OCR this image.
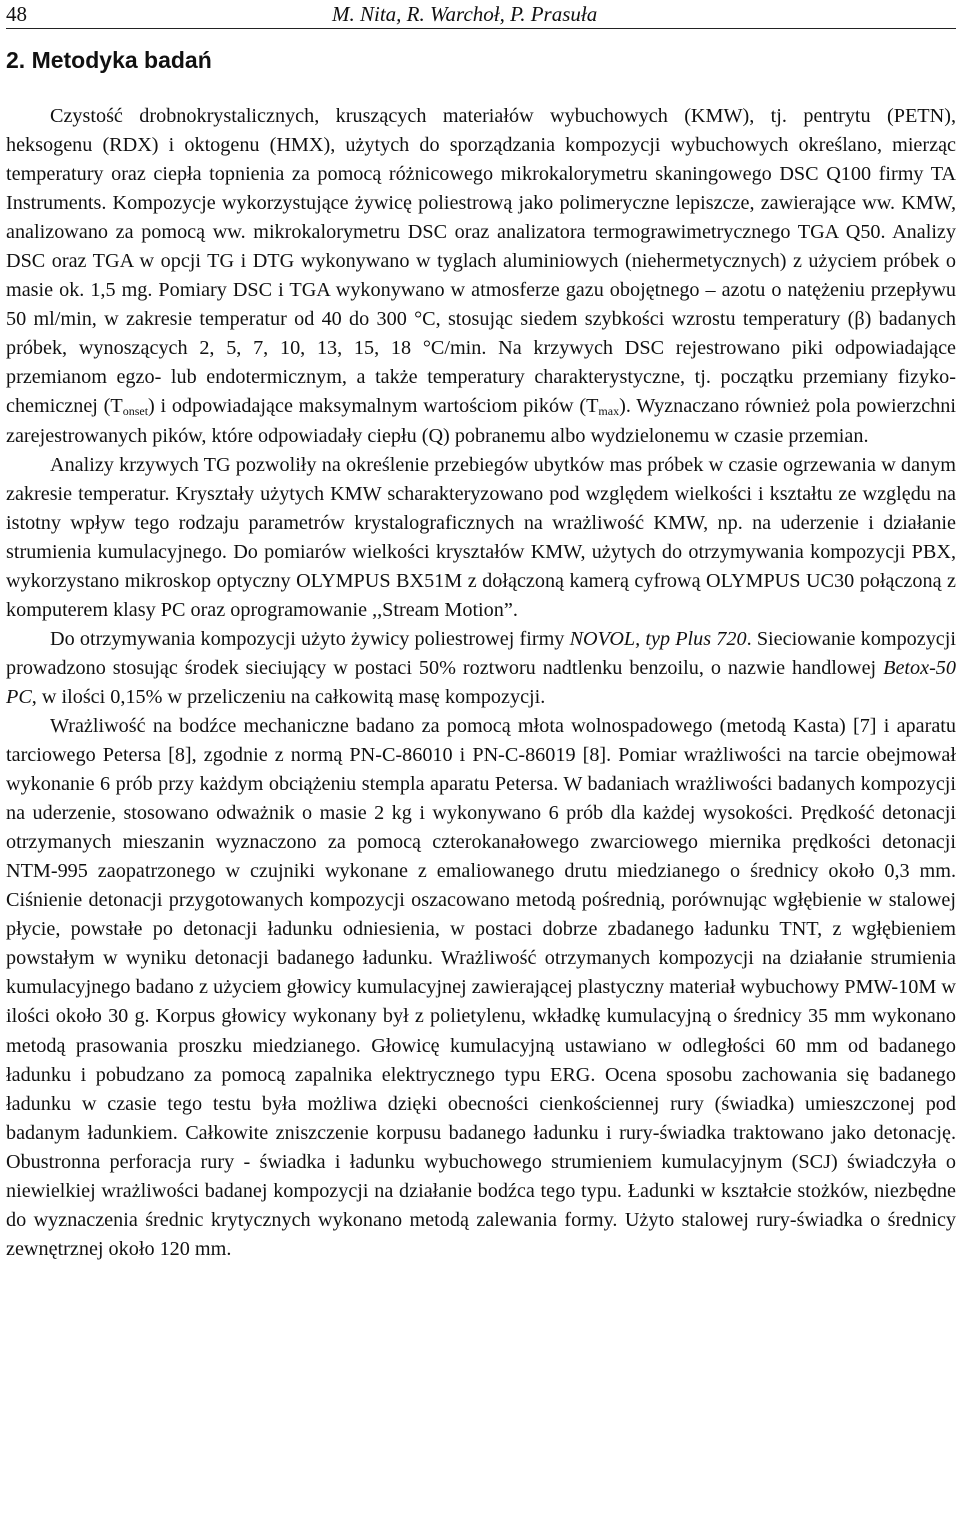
48	M. Nita, R. Warchoł, P. Prasuła
2. Metodyka badań

Czystość drobnokrystalicznych, kruszących materiałów wybuchowych (KMW), tj. pentrytu (PETN), heksogenu (RDX) i oktogenu (HMX), użytych do sporządzania kompozycji wybuchowych określano, mierząc temperatury oraz ciepła topnienia za pomocą różnicowego mikrokalorymetru skaningowego DSC Q100 firmy TA Instruments. Kompozycje wykorzystujące żywicę poliestrową jako polimeryczne lepiszcze, zawierające ww. KMW, analizowano za pomocą ww. mikrokalorymetru DSC oraz analizatora termograwimetrycznego TGA Q50. Analizy DSC oraz TGA w opcji TG i DTG wykonywano w tyglach aluminiowych (niehermetycznych) z użyciem próbek o masie ok. 1,5 mg. Pomiary DSC i TGA wykonywano w atmosferze gazu obojętnego – azotu o natężeniu przepływu 50 ml/min, w zakresie temperatur od 40 do 300 °C, stosując siedem szybkości wzrostu temperatury (β) badanych próbek, wynoszących 2, 5, 7, 10, 13, 15, 18 °C/min. Na krzywych DSC rejestrowano piki odpowiadające przemianom egzo- lub endotermicznym, a także temperatury charakterystyczne, tj. początku przemiany fizyko-chemicznej $(T_{onset})$ i odpowiadające maksymalnym wartościom pików $(T_{max})$. Wyznaczano również pola powierzchni zarejestrowanych pików, które odpowiadały ciepłu (Q) pobranemu albo wydzielonemu w czasie przemian.

Analizy krzywych TG pozwoliły na określenie przebiegów ubytków mas próbek w czasie ogrzewania w danym zakresie temperatur. Kryształy użytych KMW scharakteryzowano pod względem wielkości i kształtu ze względu na istotny wpływ tego rodzaju parametrów krystalograficznych na wrażliwość KMW, np. na uderzenie i działanie strumienia kumulacyjnego. Do pomiarów wielkości kryształów KMW, użytych do otrzymywania kompozycji PBX, wykorzystano mikroskop optyczny OLYMPUS BX51M z dołączoną kamerą cyfrową OLYMPUS UC30 połączoną z komputerem klasy PC oraz oprogramowanie ,,Stream Motion”.

Do otrzymywania kompozycji użyto żywicy poliestrowej firmy NOVOL, typ Plus 720. Sieciowanie kompozycji prowadzono stosując środek sieciujący w postaci 50% roztworu nadtlenku benzoilu, o nazwie handlowej Betox-50 PC, w ilości 0,15% w przeliczeniu na całkowitą masę kompozycji.

Wrażliwość na bodźce mechaniczne badano za pomocą młota wolnospadowego (metodą Kasta) [7] i aparatu tarciowego Petersa [8], zgodnie z normą PN-C-86010 i PN-C-86019 [8]. Pomiar wrażliwości na tarcie obejmował wykonanie 6 prób przy każdym obciążeniu stempla aparatu Petersa. W badaniach wrażliwości badanych kompozycji na uderzenie, stosowano odważnik o masie 2 kg i wykonywano 6 prób dla każdej wysokości. Prędkość detonacji otrzymanych mieszanin wyznaczono za pomocą czterokanałowego zwarciowego miernika prędkości detonacji NTM-995 zaopatrzonego w czujniki wykonane z emaliowanego drutu miedzianego o średnicy około 0,3 mm. Ciśnienie detonacji przygotowanych kompozycji oszacowano metodą pośrednią, porównując wgłębienie w stalowej płycie, powstałe po detonacji ładunku odniesienia, w postaci dobrze zbadanego ładunku TNT, z wgłębieniem powstałym w wyniku detonacji badanego ładunku. Wrażliwość otrzymanych kompozycji na działanie strumienia kumulacyjnego badano z użyciem głowicy kumulacyjnej zawierającej plastyczny materiał wybuchowy PMW-10M w ilości około 30 g. Korpus głowicy wykonany był z polietylenu, wkładkę kumulacyjną o średnicy 35 mm wykonano metodą prasowania proszku miedzianego. Głowicę kumulacyjną ustawiano w odległości 60 mm od badanego ładunku i pobudzano za pomocą zapalnika elektrycznego typu ERG. Ocena sposobu zachowania się badanego ładunku w czasie tego testu była możliwa dzięki obecności cienkościennej rury (świadka) umieszczonej pod badanym ładunkiem. Całkowite zniszczenie korpusu badanego ładunku i rury-świadka traktowano jako detonację. Obustronna perforacja rury - świadka i ładunku wybuchowego strumieniem kumulacyjnym (SCJ) świadczyła o niewielkiej wrażliwości badanej kompozycji na działanie bodźca tego typu. Ładunki w kształcie stożków, niezbędne do wyznaczenia średnic krytycznych wykonano metodą zalewania formy. Użyto stalowej rury-świadka o średnicy zewnętrznej około 120 mm.
